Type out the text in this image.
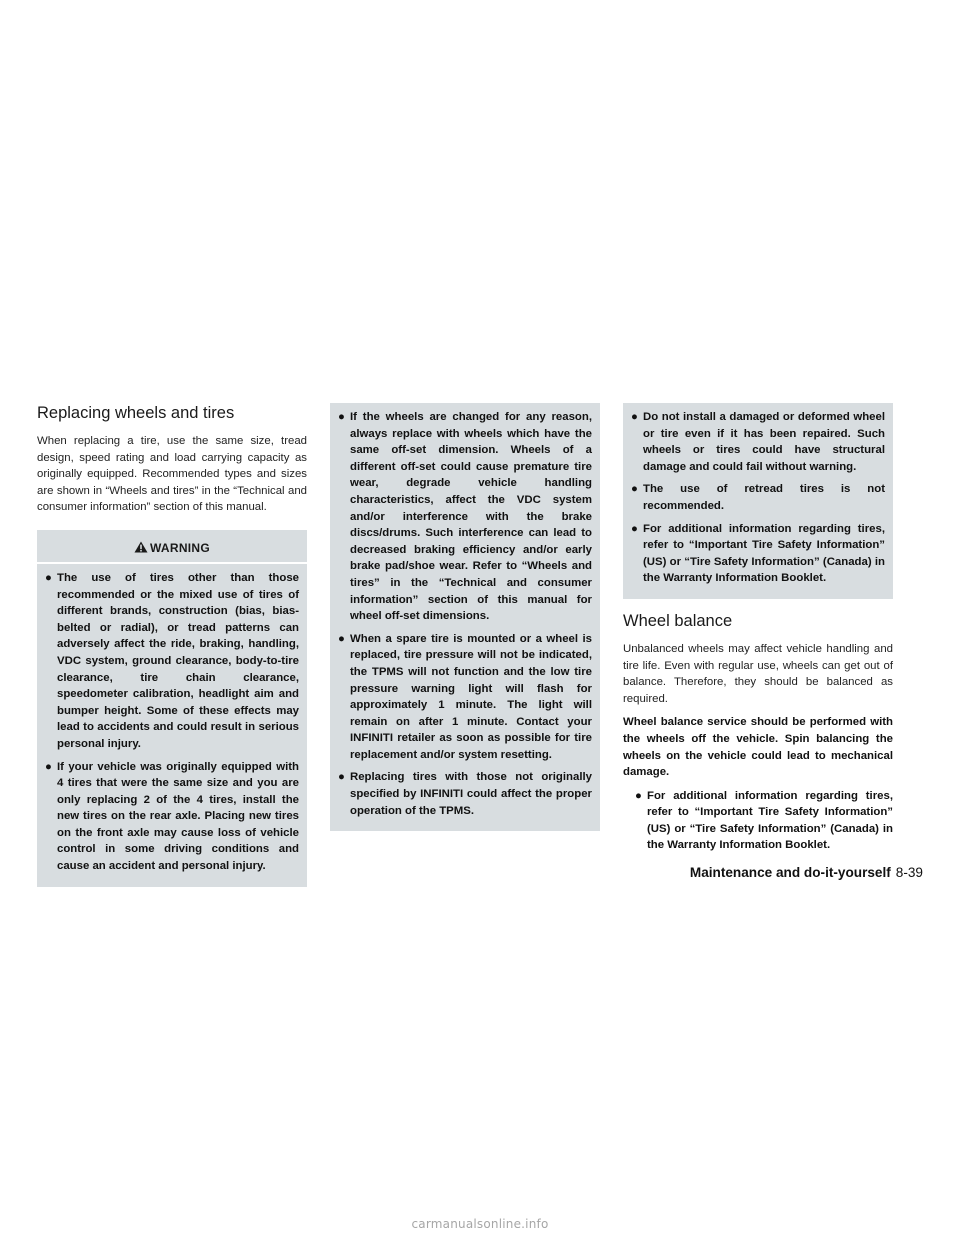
Replacing wheels and tires

When replacing a tire, use the same size, tread design, speed rating and load carrying capacity as originally equipped. Recommended types and sizes are shown in “Wheels and tires” in the “Technical and consumer information” section of this manual.

WARNING
● The use of tires other than those recommended or the mixed use of tires of different brands, construction (bias, bias-belted or radial), or tread patterns can adversely affect the ride, braking, handling, VDC system, ground clearance, body-to-tire clearance, tire chain clearance, speedometer calibration, headlight aim and bumper height. Some of these effects may lead to accidents and could result in serious personal injury.
● If your vehicle was originally equipped with 4 tires that were the same size and you are only replacing 2 of the 4 tires, install the new tires on the rear axle. Placing new tires on the front axle may cause loss of vehicle control in some driving conditions and cause an accident and personal injury.
● If the wheels are changed for any reason, always replace with wheels which have the same off-set dimension. Wheels of a different off-set could cause premature tire wear, degrade vehicle handling characteristics, affect the VDC system and/or interference with the brake discs/drums. Such interference can lead to decreased braking efficiency and/or early brake pad/shoe wear. Refer to “Wheels and tires” in the “Technical and consumer information” section of this manual for wheel off-set dimensions.
● When a spare tire is mounted or a wheel is replaced, tire pressure will not be indicated, the TPMS will not function and the low tire pressure warning light will flash for approximately 1 minute. The light will remain on after 1 minute. Contact your INFINITI retailer as soon as possible for tire replacement and/or system resetting.
● Replacing tires with those not originally specified by INFINITI could affect the proper operation of the TPMS.
● Do not install a damaged or deformed wheel or tire even if it has been repaired. Such wheels or tires could have structural damage and could fail without warning.
● The use of retread tires is not recommended.
● For additional information regarding tires, refer to “Important Tire Safety Information” (US) or “Tire Safety Information” (Canada) in the Warranty Information Booklet.
Wheel balance

Unbalanced wheels may affect vehicle handling and tire life. Even with regular use, wheels can get out of balance. Therefore, they should be balanced as required.

Wheel balance service should be performed with the wheels off the vehicle. Spin balancing the wheels on the vehicle could lead to mechanical damage.

● For additional information regarding tires, refer to “Important Tire Safety Information” (US) or “Tire Safety Information” (Canada) in the Warranty Information Booklet.
Maintenance and do-it-yourself 8-39
carmanualsonline.info
